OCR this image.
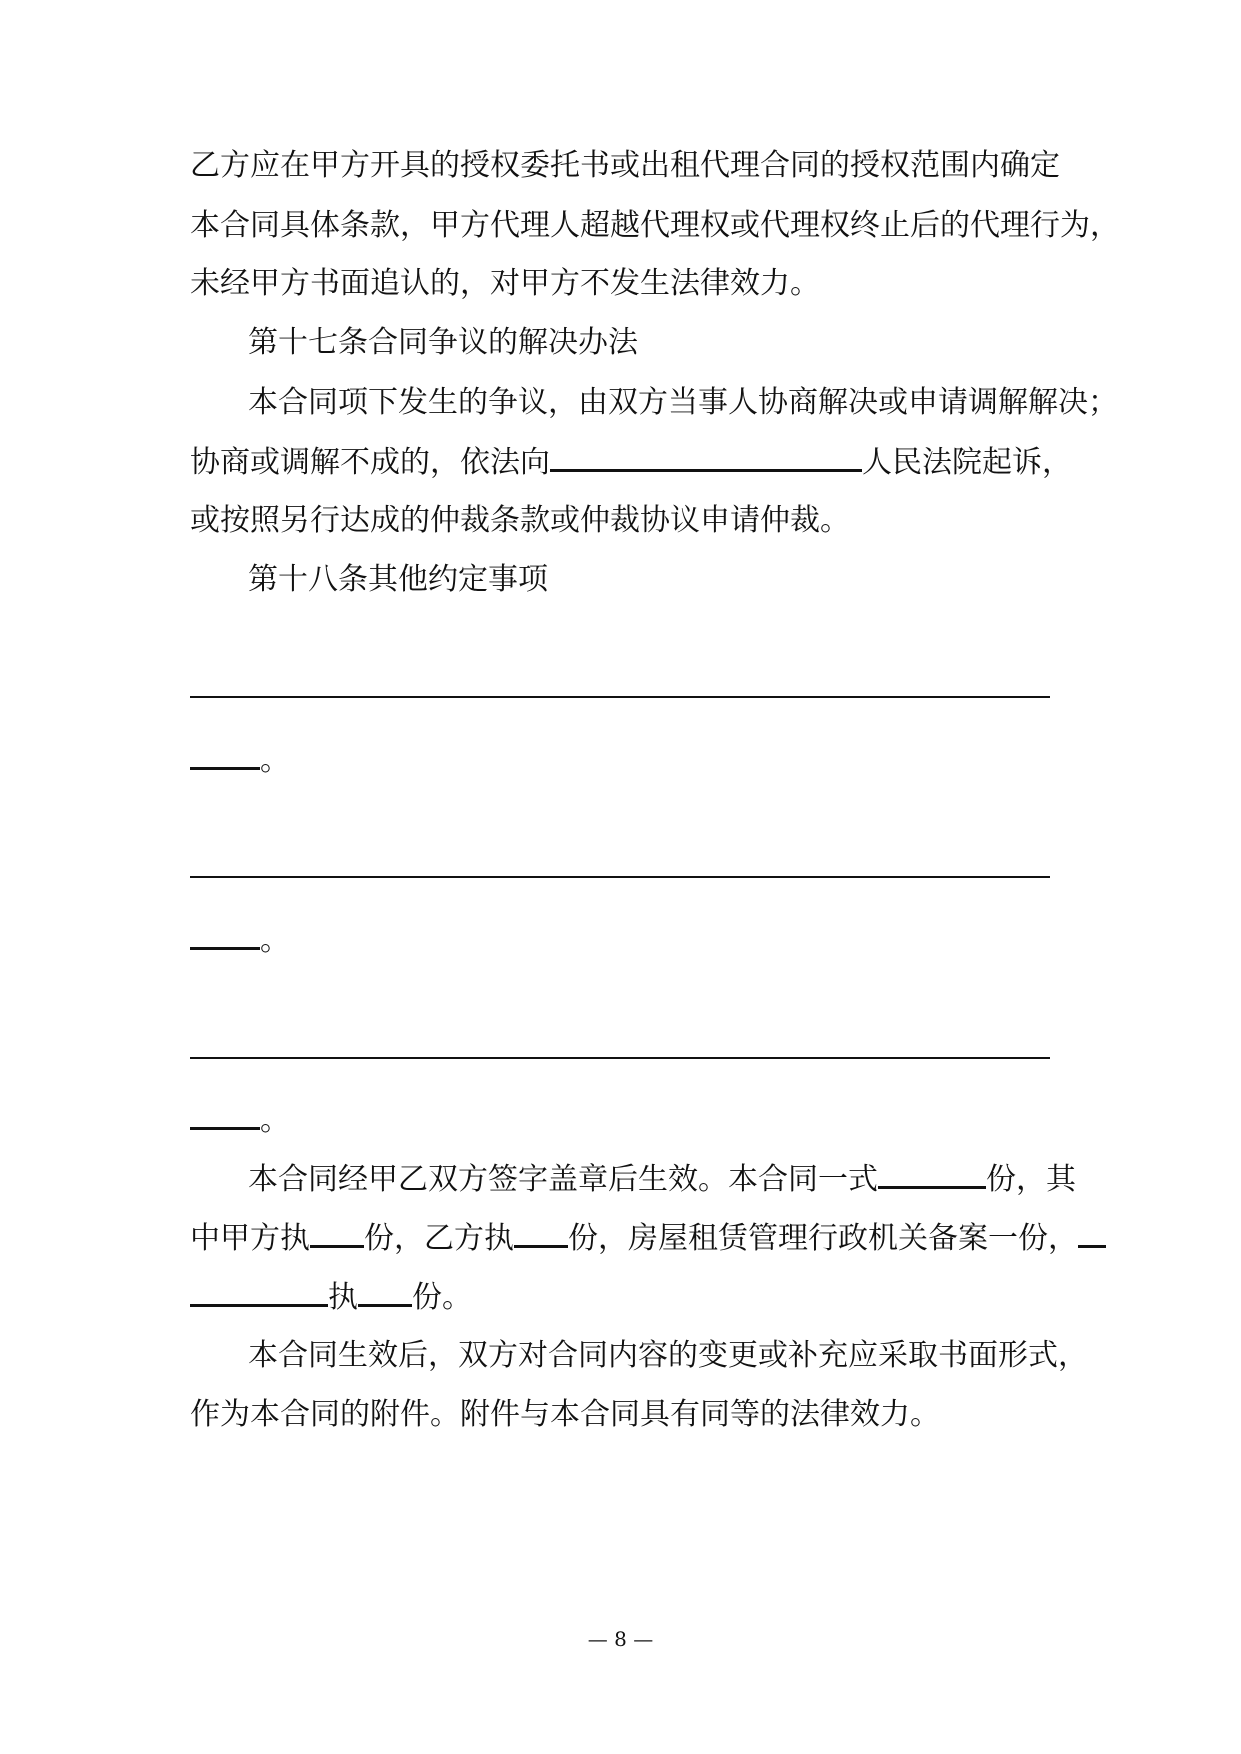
乙方应在甲方开具的授权委托书或出租代理合同的授权范围内确定
本合同具体条款，甲方代理人超越代理权或代理权终止后的代理行为，
未经甲方书面追认的，对甲方不发生法律效力。
第十七条合同争议的解决办法
本合同项下发生的争议，由双方当事人协商解决或申请调解解决；
协商或调解不成的，依法向	人民法院起诉，
或按照另行达成的仲裁条款或仲裁协议申请仲裁。
第十八条其他约定事项
。
。
。
本合同经甲乙双方签字盖章后生效。本合同一式	份，其
中甲方执 份，乙方执 份，房屋租赁管理行政机关备案一份，
执 份。
本合同生效后，双方对合同内容的变更或补充应采取书面形式，
作为本合同的附件。附件与本合同具有同等的法律效力。
— 8 —
